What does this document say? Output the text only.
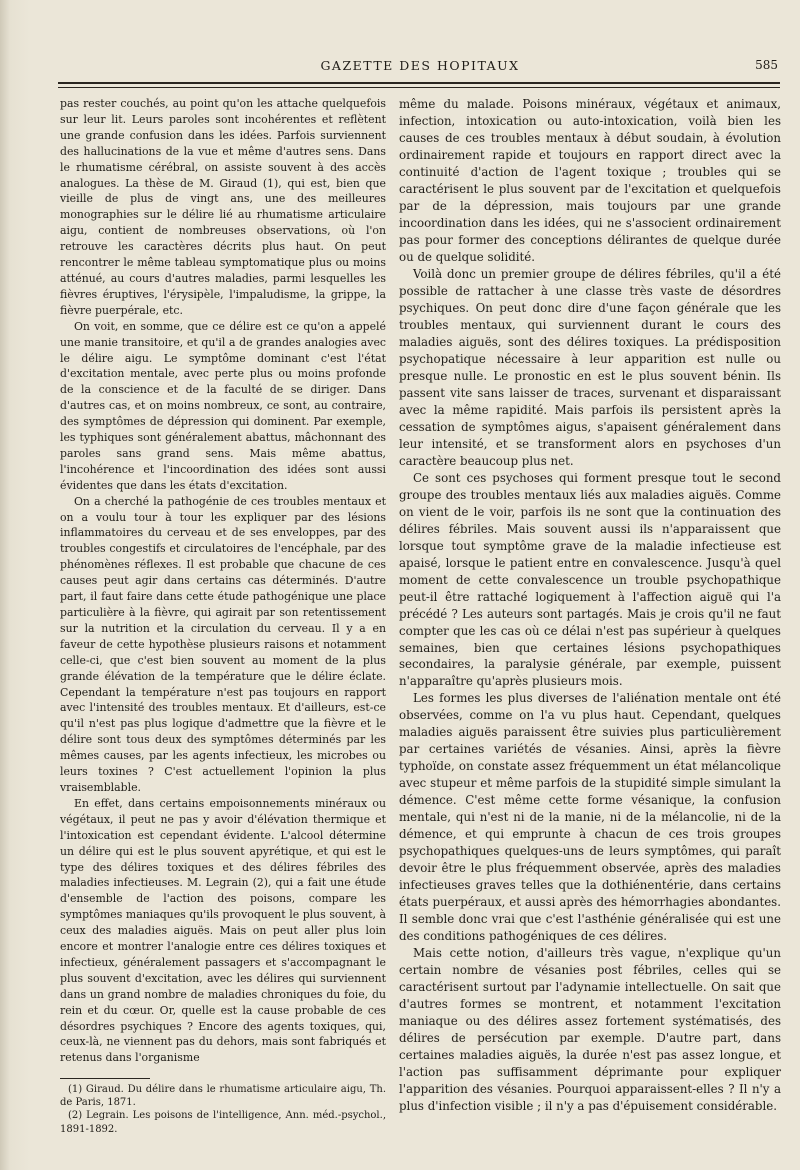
GAZETTE DES HOPITAUX	585

pas rester couchés, au point qu'on les attache quelquefois sur leur lit. Leurs paroles sont incohérentes et reflètent une grande confusion dans les idées. Parfois surviennent des hallucinations de la vue et même d'autres sens. Dans le rhumatisme cérébral, on assiste souvent à des accès analogues. La thèse de M. Giraud (1), qui est, bien que vieille de plus de vingt ans, une des meilleures monographies sur le délire lié au rhumatisme articulaire aigu, contient de nombreuses observations, où l'on retrouve les caractères décrits plus haut. On peut rencontrer le même tableau symptomatique plus ou moins atténué, au cours d'autres maladies, parmi lesquelles les fièvres éruptives, l'érysipèle, l'impaludisme, la grippe, la fièvre puerpérale, etc.

On voit, en somme, que ce délire est ce qu'on a appelé une manie transitoire, et qu'il a de grandes analogies avec le délire aigu. Le symptôme dominant c'est l'état d'excitation mentale, avec perte plus ou moins profonde de la conscience et de la faculté de se diriger. Dans d'autres cas, et on moins nombreux, ce sont, au contraire, des symptômes de dépression qui dominent. Par exemple, les typhiques sont généralement abattus, mâchonnant des paroles sans grand sens. Mais même abattus, l'incohérence et l'incoordination des idées sont aussi évidentes que dans les états d'excitation.

On a cherché la pathogénie de ces troubles mentaux et on a voulu tour à tour les expliquer par des lésions inflammatoires du cerveau et de ses enveloppes, par des troubles congestifs et circulatoires de l'encéphale, par des phénomènes réflexes. Il est probable que chacune de ces causes peut agir dans certains cas déterminés. D'autre part, il faut faire dans cette étude pathogénique une place particulière à la fièvre, qui agirait par son retentissement sur la nutrition et la circulation du cerveau. Il y a en faveur de cette hypothèse plusieurs raisons et notamment celle-ci, que c'est bien souvent au moment de la plus grande élévation de la température que le délire éclate. Cependant la température n'est pas toujours en rapport avec l'intensité des troubles mentaux. Et d'ailleurs, est-ce qu'il n'est pas plus logique d'admettre que la fièvre et le délire sont tous deux des symptômes déterminés par les mêmes causes, par les agents infectieux, les microbes ou leurs toxines ? C'est actuellement l'opinion la plus vraisemblable.

En effet, dans certains empoisonnements minéraux ou végétaux, il peut ne pas y avoir d'élévation thermique et l'intoxication est cependant évidente. L'alcool détermine un délire qui est le plus souvent apyrétique, et qui est le type des délires toxiques et des délires fébriles des maladies infectieuses. M. Legrain (2), qui a fait une étude d'ensemble de l'action des poisons, compare les symptômes maniaques qu'ils provoquent le plus souvent, à ceux des maladies aiguës. Mais on peut aller plus loin encore et montrer l'analogie entre ces délires toxiques et infectieux, généralement passagers et s'accompagnant le plus souvent d'excitation, avec les délires qui surviennent dans un grand nombre de maladies chroniques du foie, du rein et du cœur. Or, quelle est la cause probable de ces désordres psychiques ? Encore des agents toxiques, qui, ceux-là, ne viennent pas du dehors, mais sont fabriqués et retenus dans l'organisme

(1) Giraud. Du délire dans le rhumatisme articulaire aigu, Th. de Paris, 1871.

(2) Legrain. Les poisons de l'intelligence, Ann. méd.-psychol., 1891-1892.

même du malade. Poisons minéraux, végétaux et animaux, infection, intoxication ou auto-intoxication, voilà bien les causes de ces troubles mentaux à début soudain, à évolution ordinairement rapide et toujours en rapport direct avec la continuité d'action de l'agent toxique ; troubles qui se caractérisent le plus souvent par de l'excitation et quelquefois par de la dépression, mais toujours par une grande incoordination dans les idées, qui ne s'associent ordinairement pas pour former des conceptions délirantes de quelque durée ou de quelque solidité.

Voilà donc un premier groupe de délires fébriles, qu'il a été possible de rattacher à une classe très vaste de désordres psychiques. On peut donc dire d'une façon générale que les troubles mentaux, qui surviennent durant le cours des maladies aiguës, sont des délires toxiques. La prédisposition psychopatique nécessaire à leur apparition est nulle ou presque nulle. Le pronostic en est le plus souvent bénin. Ils passent vite sans laisser de traces, survenant et disparaissant avec la même rapidité. Mais parfois ils persistent après la cessation de symptômes aigus, s'apaisent généralement dans leur intensité, et se transforment alors en psychoses d'un caractère beaucoup plus net.

Ce sont ces psychoses qui forment presque tout le second groupe des troubles mentaux liés aux maladies aiguës. Comme on vient de le voir, parfois ils ne sont que la continuation des délires fébriles. Mais souvent aussi ils n'apparaissent que lorsque tout symptôme grave de la maladie infectieuse est apaisé, lorsque le patient entre en convalescence. Jusqu'à quel moment de cette convalescence un trouble psychopathique peut-il être rattaché logiquement à l'affection aiguë qui l'a précédé ? Les auteurs sont partagés. Mais je crois qu'il ne faut compter que les cas où ce délai n'est pas supérieur à quelques semaines, bien que certaines lésions psychopathiques secondaires, la paralysie générale, par exemple, puissent n'apparaître qu'après plusieurs mois.

Les formes les plus diverses de l'aliénation mentale ont été observées, comme on l'a vu plus haut. Cependant, quelques maladies aiguës paraissent être suivies plus particulièrement par certaines variétés de vésanies. Ainsi, après la fièvre typhoïde, on constate assez fréquemment un état mélancolique avec stupeur et même parfois de la stupidité simple simulant la démence. C'est même cette forme vésanique, la confusion mentale, qui n'est ni de la manie, ni de la mélancolie, ni de la démence, et qui emprunte à chacun de ces trois groupes psychopathiques quelques-uns de leurs symptômes, qui paraît devoir être le plus fréquemment observée, après des maladies infectieuses graves telles que la dothiénentérie, dans certains états puerpéraux, et aussi après des hémorrhagies abondantes. Il semble donc vrai que c'est l'asthénie généralisée qui est une des conditions pathogéniques de ces délires.

Mais cette notion, d'ailleurs très vague, n'explique qu'un certain nombre de vésanies post fébriles, celles qui se caractérisent surtout par l'adynamie intellectuelle. On sait que d'autres formes se montrent, et notamment l'excitation maniaque ou des délires assez fortement systématisés, des délires de persécution par exemple. D'autre part, dans certaines maladies aiguës, la durée n'est pas assez longue, et l'action pas suffisamment déprimante pour expliquer l'apparition des vésanies. Pourquoi apparaissent-elles ? Il n'y a plus d'infection visible ; il n'y a pas d'épuisement considérable.
